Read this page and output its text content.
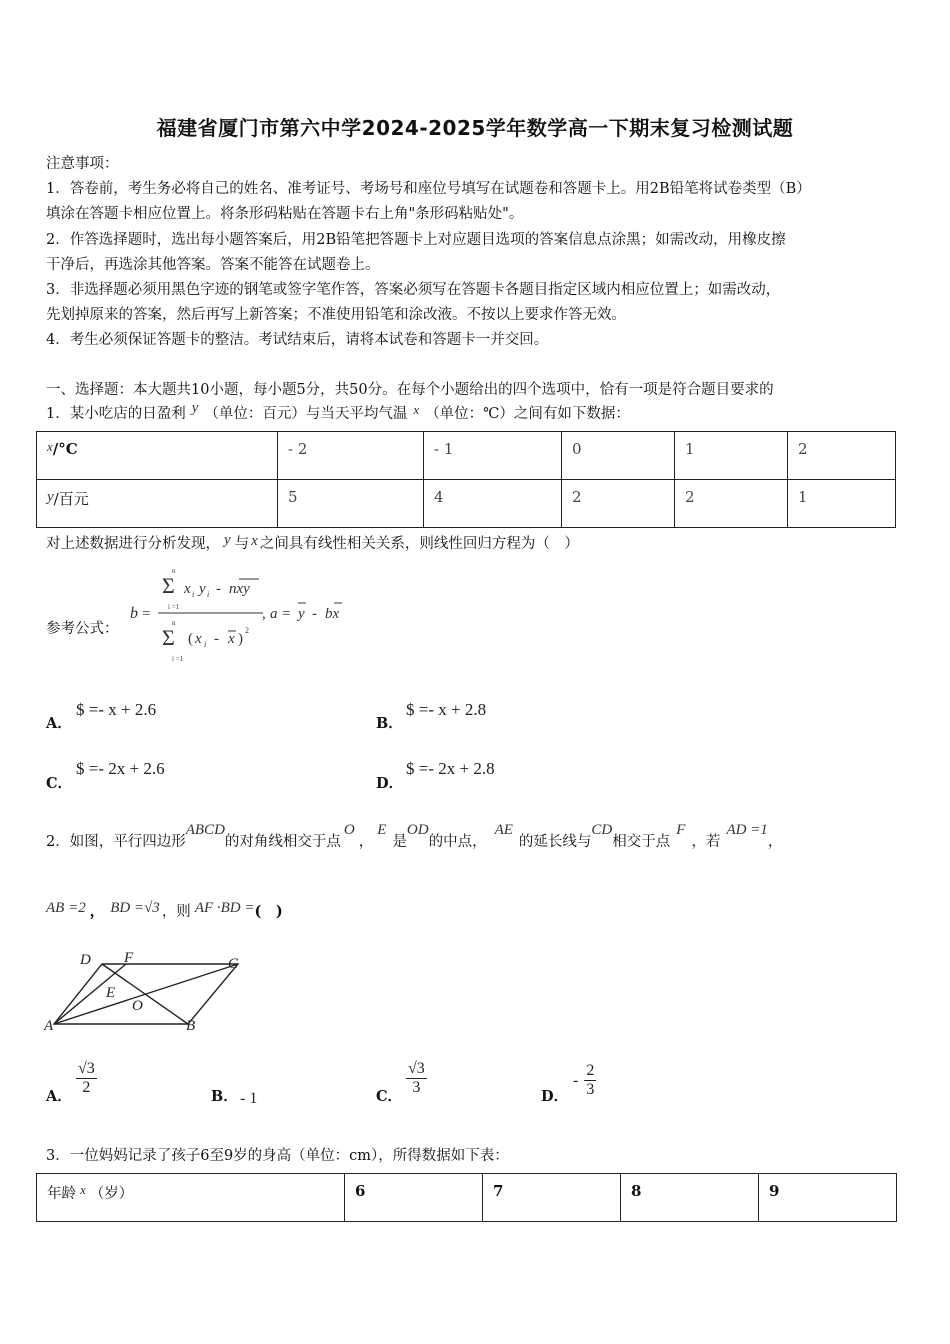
福建省厦门市第六中学2024-2025学年数学高一下期末复习检测试题
注意事项：
1．答卷前，考生务必将自己的姓名、准考证号、考场号和座位号填写在试题卷和答题卡上。用2B铅笔将试卷类型（B）
填涂在答题卡相应位置上。将条形码粘贴在答题卡右上角"条形码粘贴处"。
2．作答选择题时，选出每小题答案后，用2B铅笔把答题卡上对应题目选项的答案信息点涂黑；如需改动，用橡皮擦
干净后，再选涂其他答案。答案不能答在试题卷上。
3．非选择题必须用黑色字迹的钢笔或签字笔作答，答案必须写在答题卡各题目指定区域内相应位置上；如需改动，
先划掉原来的答案，然后再写上新答案；不准使用铅笔和涂改液。不按以上要求作答无效。
4．考生必须保证答题卡的整洁。考试结束后，请将本试卷和答题卡一并交回。
一、选择题：本大题共10小题，每小题5分，共50分。在每个小题给出的四个选项中，恰有一项是符合题目要求的
1．某小吃店的日盈利 y （单位：百元）与当天平均气温 x （单位：℃）之间有如下数据：
x/°C	- 2	- 1	0	1	2
y/百元	5	4	2	2	1
对上述数据进行分析发现， y 与 x 之间具有线性相关关系，则线性回归方程为（　）
参考公式：
b =
n
Σ
i =1
x i y i - nxy
n
Σ
i =1
( x i - x )
2
, a = y - bx
A．
$ =- x + 2.6
B．
$ =- x + 2.8
C．
$ =- 2x + 2.6
D．
$ =- 2x + 2.8
2．如图，平行四边形ABCD的对角线相交于点O，E是OD的中点，AE的延长线与CD相交于点F，若AD =1，
AB =2 ， BD =√3 ，则 AF ·BD =(　)
D F	C
E
O
A	B
A． $\frac{√3}{2}$	B． - 1	C． $\frac{√3}{3}$	D．
- $\frac{2}{3}$
3．一位妈妈记录了孩子6至9岁的身高（单位：cm），所得数据如下表：
年龄 x （岁）	6	7	8	9
